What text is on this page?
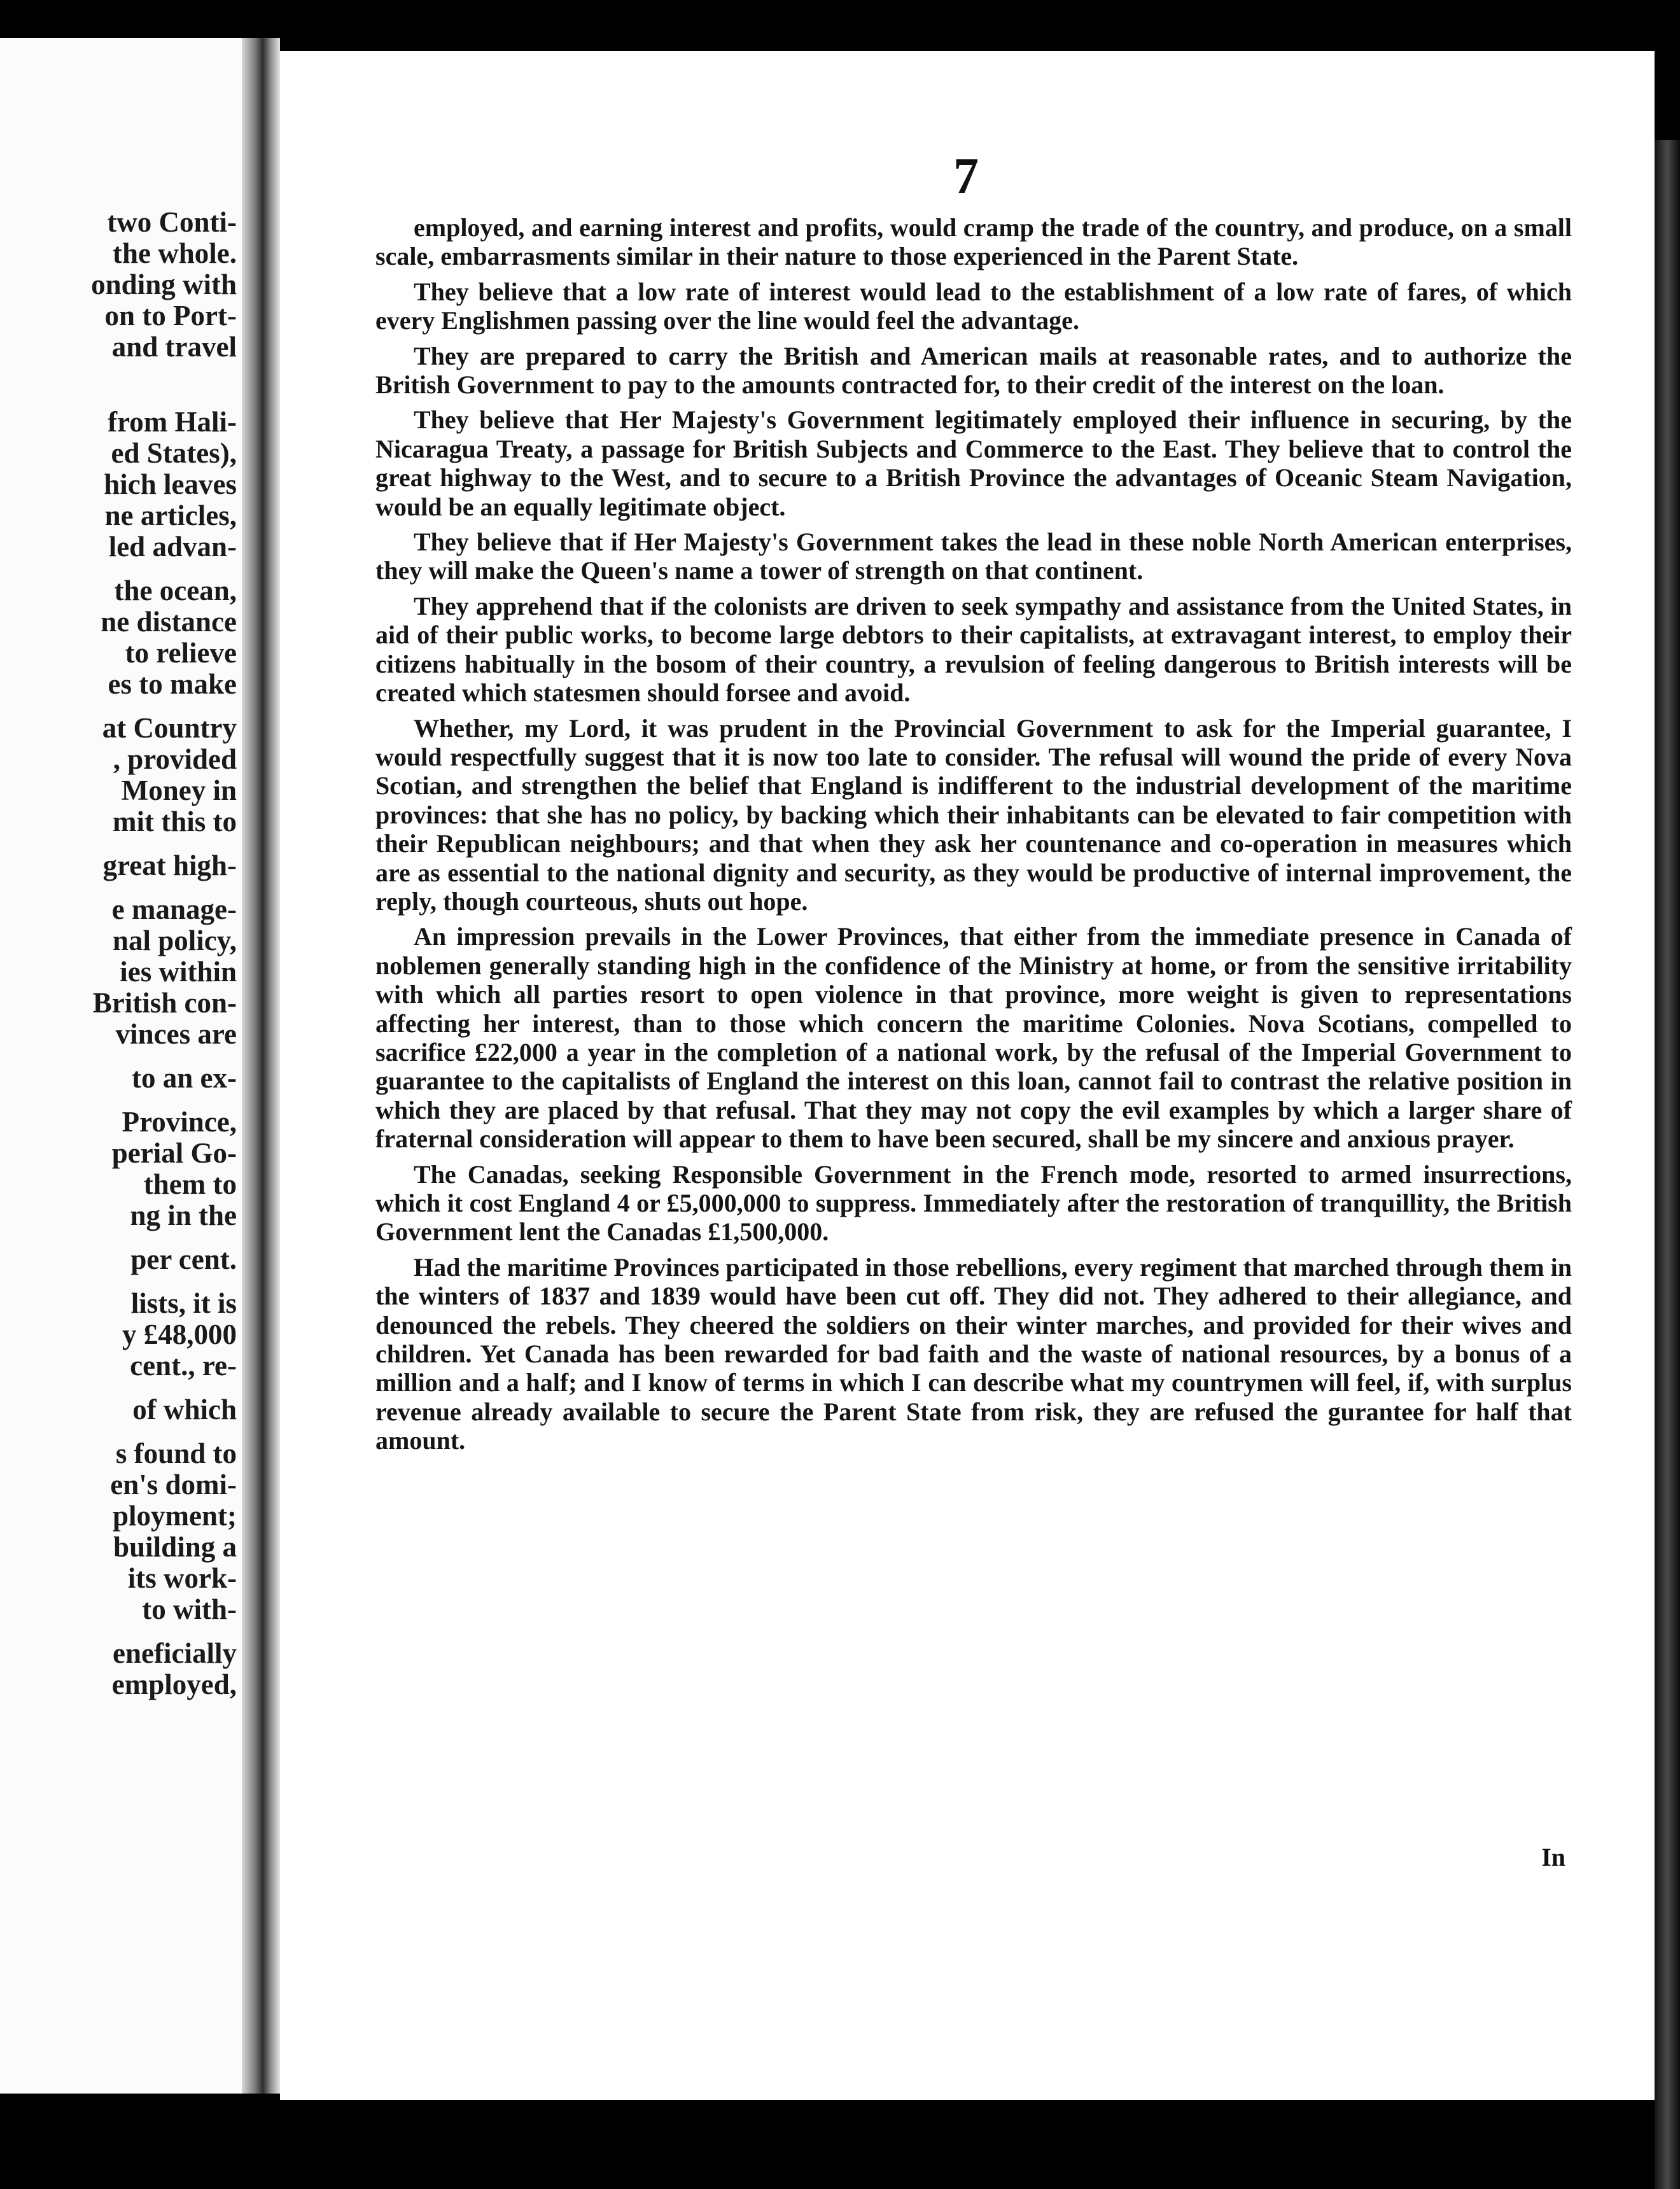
two Conti-
the whole.
onding with
on to Port-
and travel

from Hali-
ed States),
hich leaves
ne articles,
led advan-
the ocean,
ne distance
to relieve
es to make
at Country
, provided
Money in
mit this to
great high-
e manage-
nal policy,
ies within
British con-
vinces are
to an ex-
Province,
perial Go-
them to
ng in the
per cent.
lists, it is
y £48,000
cent., re-
of which
s found to
en's domi-
ployment;
building a
its work-
to with-
eneficially
employed,
7

employed, and earning interest and profits, would cramp the trade of the country, and produce, on a small scale, embarrasments similar in their nature to those experienced in the Parent State.

They believe that a low rate of interest would lead to the establishment of a low rate of fares, of which every Englishmen passing over the line would feel the advantage.

They are prepared to carry the British and American mails at reasonable rates, and to authorize the British Government to pay to the amounts contracted for, to their credit of the interest on the loan.

They believe that Her Majesty's Government legitimately employed their influence in securing, by the Nicaragua Treaty, a passage for British Subjects and Commerce to the East. They believe that to control the great highway to the West, and to secure to a British Province the advantages of Oceanic Steam Navigation, would be an equally legitimate object.

They believe that if Her Majesty's Government takes the lead in these noble North American enterprises, they will make the Queen's name a tower of strength on that continent.

They apprehend that if the colonists are driven to seek sympathy and assistance from the United States, in aid of their public works, to become large debtors to their capitalists, at extravagant interest, to employ their citizens habitually in the bosom of their country, a revulsion of feeling dangerous to British interests will be created which statesmen should forsee and avoid.

Whether, my Lord, it was prudent in the Provincial Government to ask for the Imperial guarantee, I would respectfully suggest that it is now too late to consider. The refusal will wound the pride of every Nova Scotian, and strengthen the belief that England is indifferent to the industrial development of the maritime provinces: that she has no policy, by backing which their inhabitants can be elevated to fair competition with their Republican neighbours; and that when they ask her countenance and co-operation in measures which are as essential to the national dignity and security, as they would be productive of internal improvement, the reply, though courteous, shuts out hope.

An impression prevails in the Lower Provinces, that either from the immediate presence in Canada of noblemen generally standing high in the confidence of the Ministry at home, or from the sensitive irritability with which all parties resort to open violence in that province, more weight is given to representations affecting her interest, than to those which concern the maritime Colonies. Nova Scotians, compelled to sacrifice £22,000 a year in the completion of a national work, by the refusal of the Imperial Government to guarantee to the capitalists of England the interest on this loan, cannot fail to contrast the relative position in which they are placed by that refusal. That they may not copy the evil examples by which a larger share of fraternal consideration will appear to them to have been secured, shall be my sincere and anxious prayer.

The Canadas, seeking Responsible Government in the French mode, resorted to armed insurrections, which it cost England 4 or £5,000,000 to suppress. Immediately after the restoration of tranquillity, the British Government lent the Canadas £1,500,000.

Had the maritime Provinces participated in those rebellions, every regiment that marched through them in the winters of 1837 and 1839 would have been cut off. They did not. They adhered to their allegiance, and denounced the rebels. They cheered the soldiers on their winter marches, and provided for their wives and children. Yet Canada has been rewarded for bad faith and the waste of national resources, by a bonus of a million and a half; and I know of terms in which I can describe what my countrymen will feel, if, with surplus revenue already available to secure the Parent State from risk, they are refused the gurantee for half that amount.

In
